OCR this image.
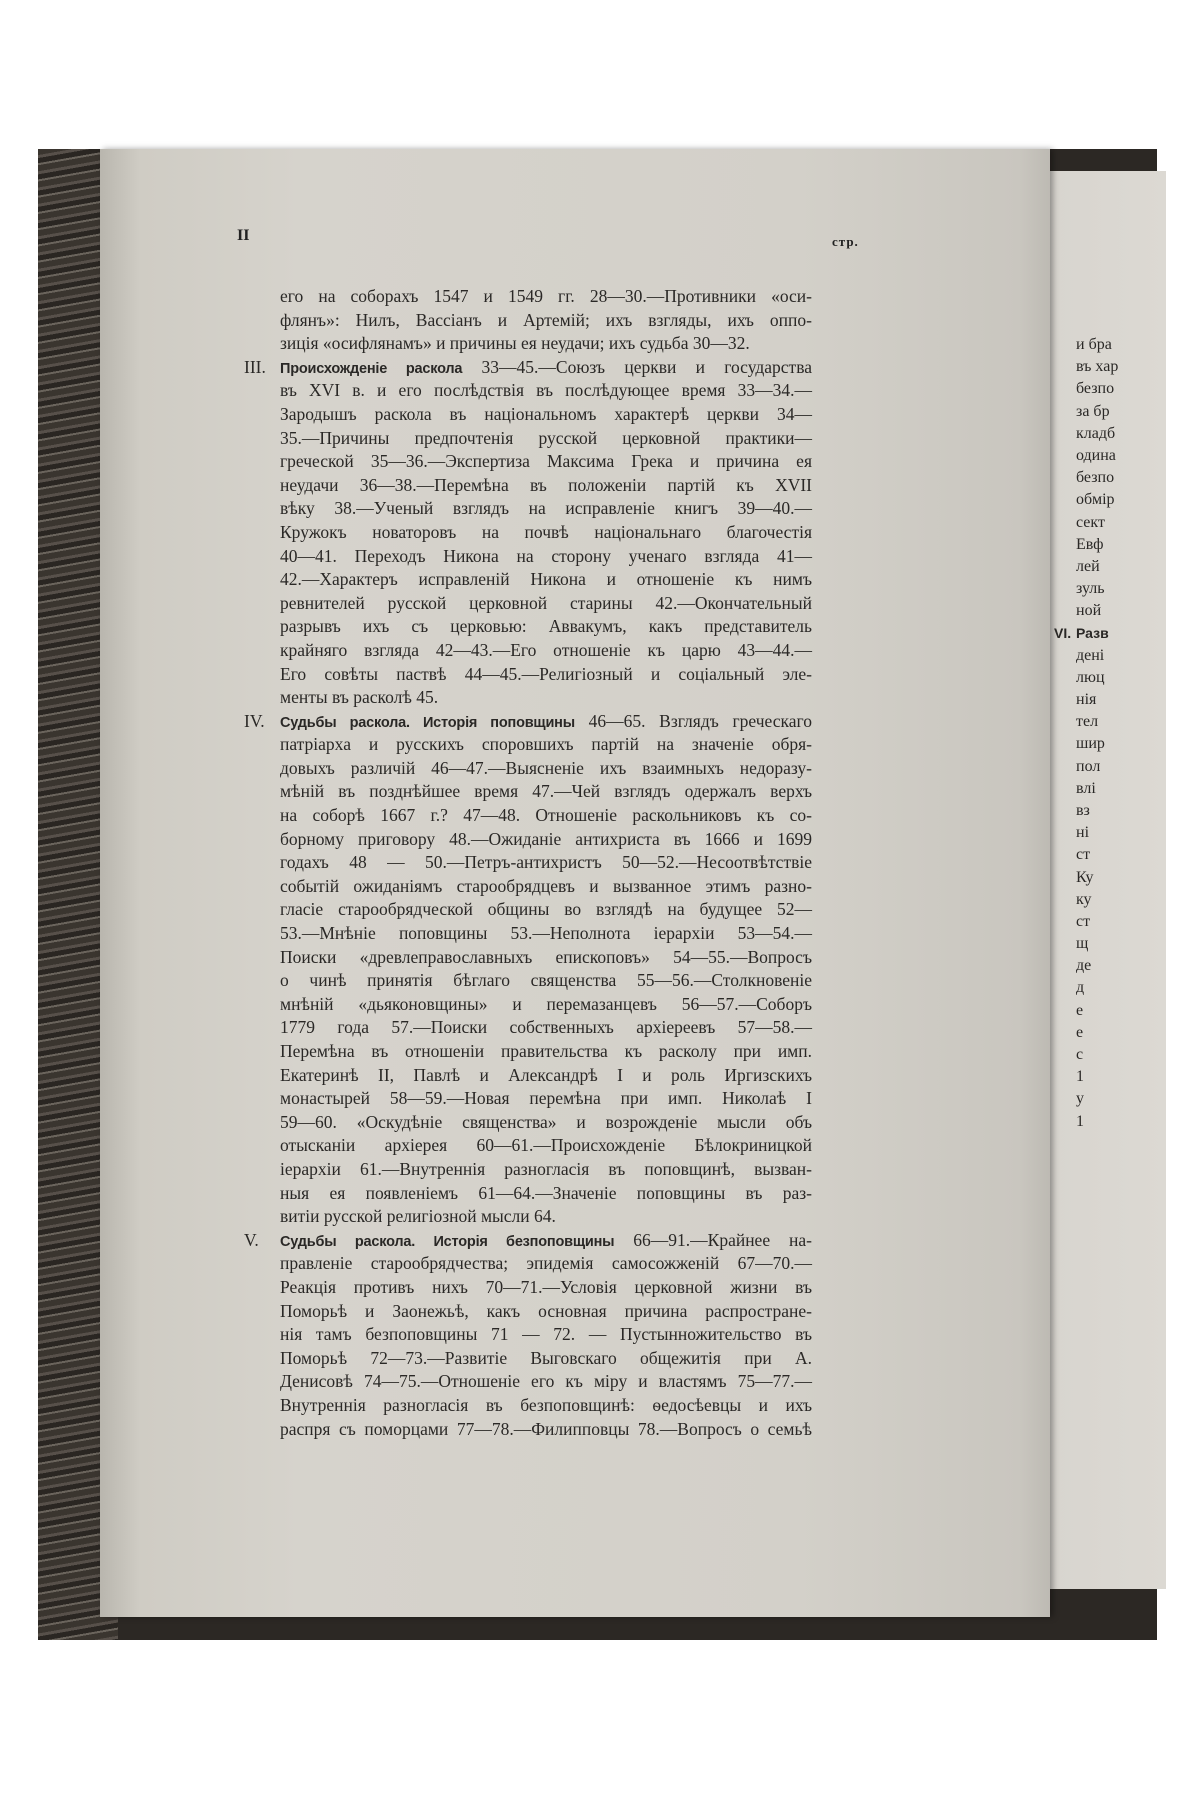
II	стр.
его на соборахъ 1547 и 1549 гг. 28—30.—Противники «оси-
флянъ»: Нилъ, Вассіанъ и Артемій; ихъ взгляды, ихъ оппо-
зиція «осифлянамъ» и причины ея неудачи; ихъ судьба 30—32.
III. Происхожденіе раскола 33—45.—Союзъ церкви и государства
въ XVI в. и его послѣдствія въ послѣдующее время 33—34.—
Зародышъ раскола въ національномъ характерѣ церкви 34—
35.—Причины предпочтенія русской церковной практики—
греческой 35—36.—Экспертиза Максима Грека и причина ея
неудачи 36—38.—Перемѣна въ положеніи партій къ XVII
вѣку 38.—Ученый взглядъ на исправленіе книгъ 39—40.—
Кружокъ новаторовъ на почвѣ національнаго благочестія
40—41. Переходъ Никона на сторону ученаго взгляда 41—
42.—Характеръ исправленій Никона и отношеніе къ нимъ
ревнителей русской церковной старины 42.—Окончательный
разрывъ ихъ съ церковью: Аввакумъ, какъ представитель
крайняго взгляда 42—43.—Его отношеніе къ царю 43—44.—
Его совѣты паствѣ 44—45.—Религіозный и соціальный эле-
менты въ расколѣ 45.
IV. Судьбы раскола. Исторія поповщины 46—65. Взглядъ греческаго
патріарха и русскихъ споровшихъ партій на значеніе обря-
довыхъ различій 46—47.—Выясненіе ихъ взаимныхъ недоразу-
мѣній въ позднѣйшее время 47.—Чей взглядъ одержалъ верхъ
на соборѣ 1667 г.? 47—48. Отношеніе раскольниковъ къ со-
борному приговору 48.—Ожиданіе антихриста въ 1666 и 1699
годахъ 48 — 50.—Петръ-антихристъ 50—52.—Несоотвѣтствіе
событій ожиданіямъ старообрядцевъ и вызванное этимъ разно-
гласіе старообрядческой общины во взглядѣ на будущее 52—
53.—Мнѣніе поповщины 53.—Неполнота іерархіи 53—54.—
Поиски «древлеправославныхъ епископовъ» 54—55.—Вопросъ
о чинѣ принятія бѣглаго священства 55—56.—Столкновеніе
мнѣній «дьяконовщины» и перемазанцевъ 56—57.—Соборъ
1779 года 57.—Поиски собственныхъ архіереевъ 57—58.—
Перемѣна въ отношеніи правительства къ расколу при имп.
Екатеринѣ II, Павлѣ и Александрѣ I и роль Иргизскихъ
монастырей 58—59.—Новая перемѣна при имп. Николаѣ I
59—60. «Оскудѣніе священства» и возрожденіе мысли объ
отысканіи архіерея 60—61.—Происхожденіе Бѣлокриницкой
іерархіи 61.—Внутреннія разногласія въ поповщинѣ, вызван-
ныя ея появленіемъ 61—64.—Значеніе поповщины въ раз-
витіи русской религіозной мысли 64.
V. Судьбы раскола. Исторія безпоповщины 66—91.—Крайнее на-
правленіе старообрядчества; эпидемія самосожженій 67—70.—
Реакція противъ нихъ 70—71.—Условія церковной жизни въ
Поморьѣ и Заонежьѣ, какъ основная причина распростране-
нія тамъ безпоповщины 71 — 72. — Пустынножительство въ
Поморьѣ 72—73.—Развитіе Выговскаго общежитія при А.
Денисовѣ 74—75.—Отношеніе его къ міру и властямъ 75—77.—
Внутреннія разногласія въ безпоповщинѣ: ѳедосѣевцы и ихъ
распря съ поморцами 77—78.—Филипповцы 78.—Вопросъ о семьѣ
и бра
въ хар
безпо
за бр
кладб
одина
безпо
обмір
сект
Евф
лей
зуль
ной
VI. Разв
дені
люц
нія
тел
шир
пол
влі
вз
ні
ст
Ку
ку
ст
щ
де
д
е
е
с
1
у
1
